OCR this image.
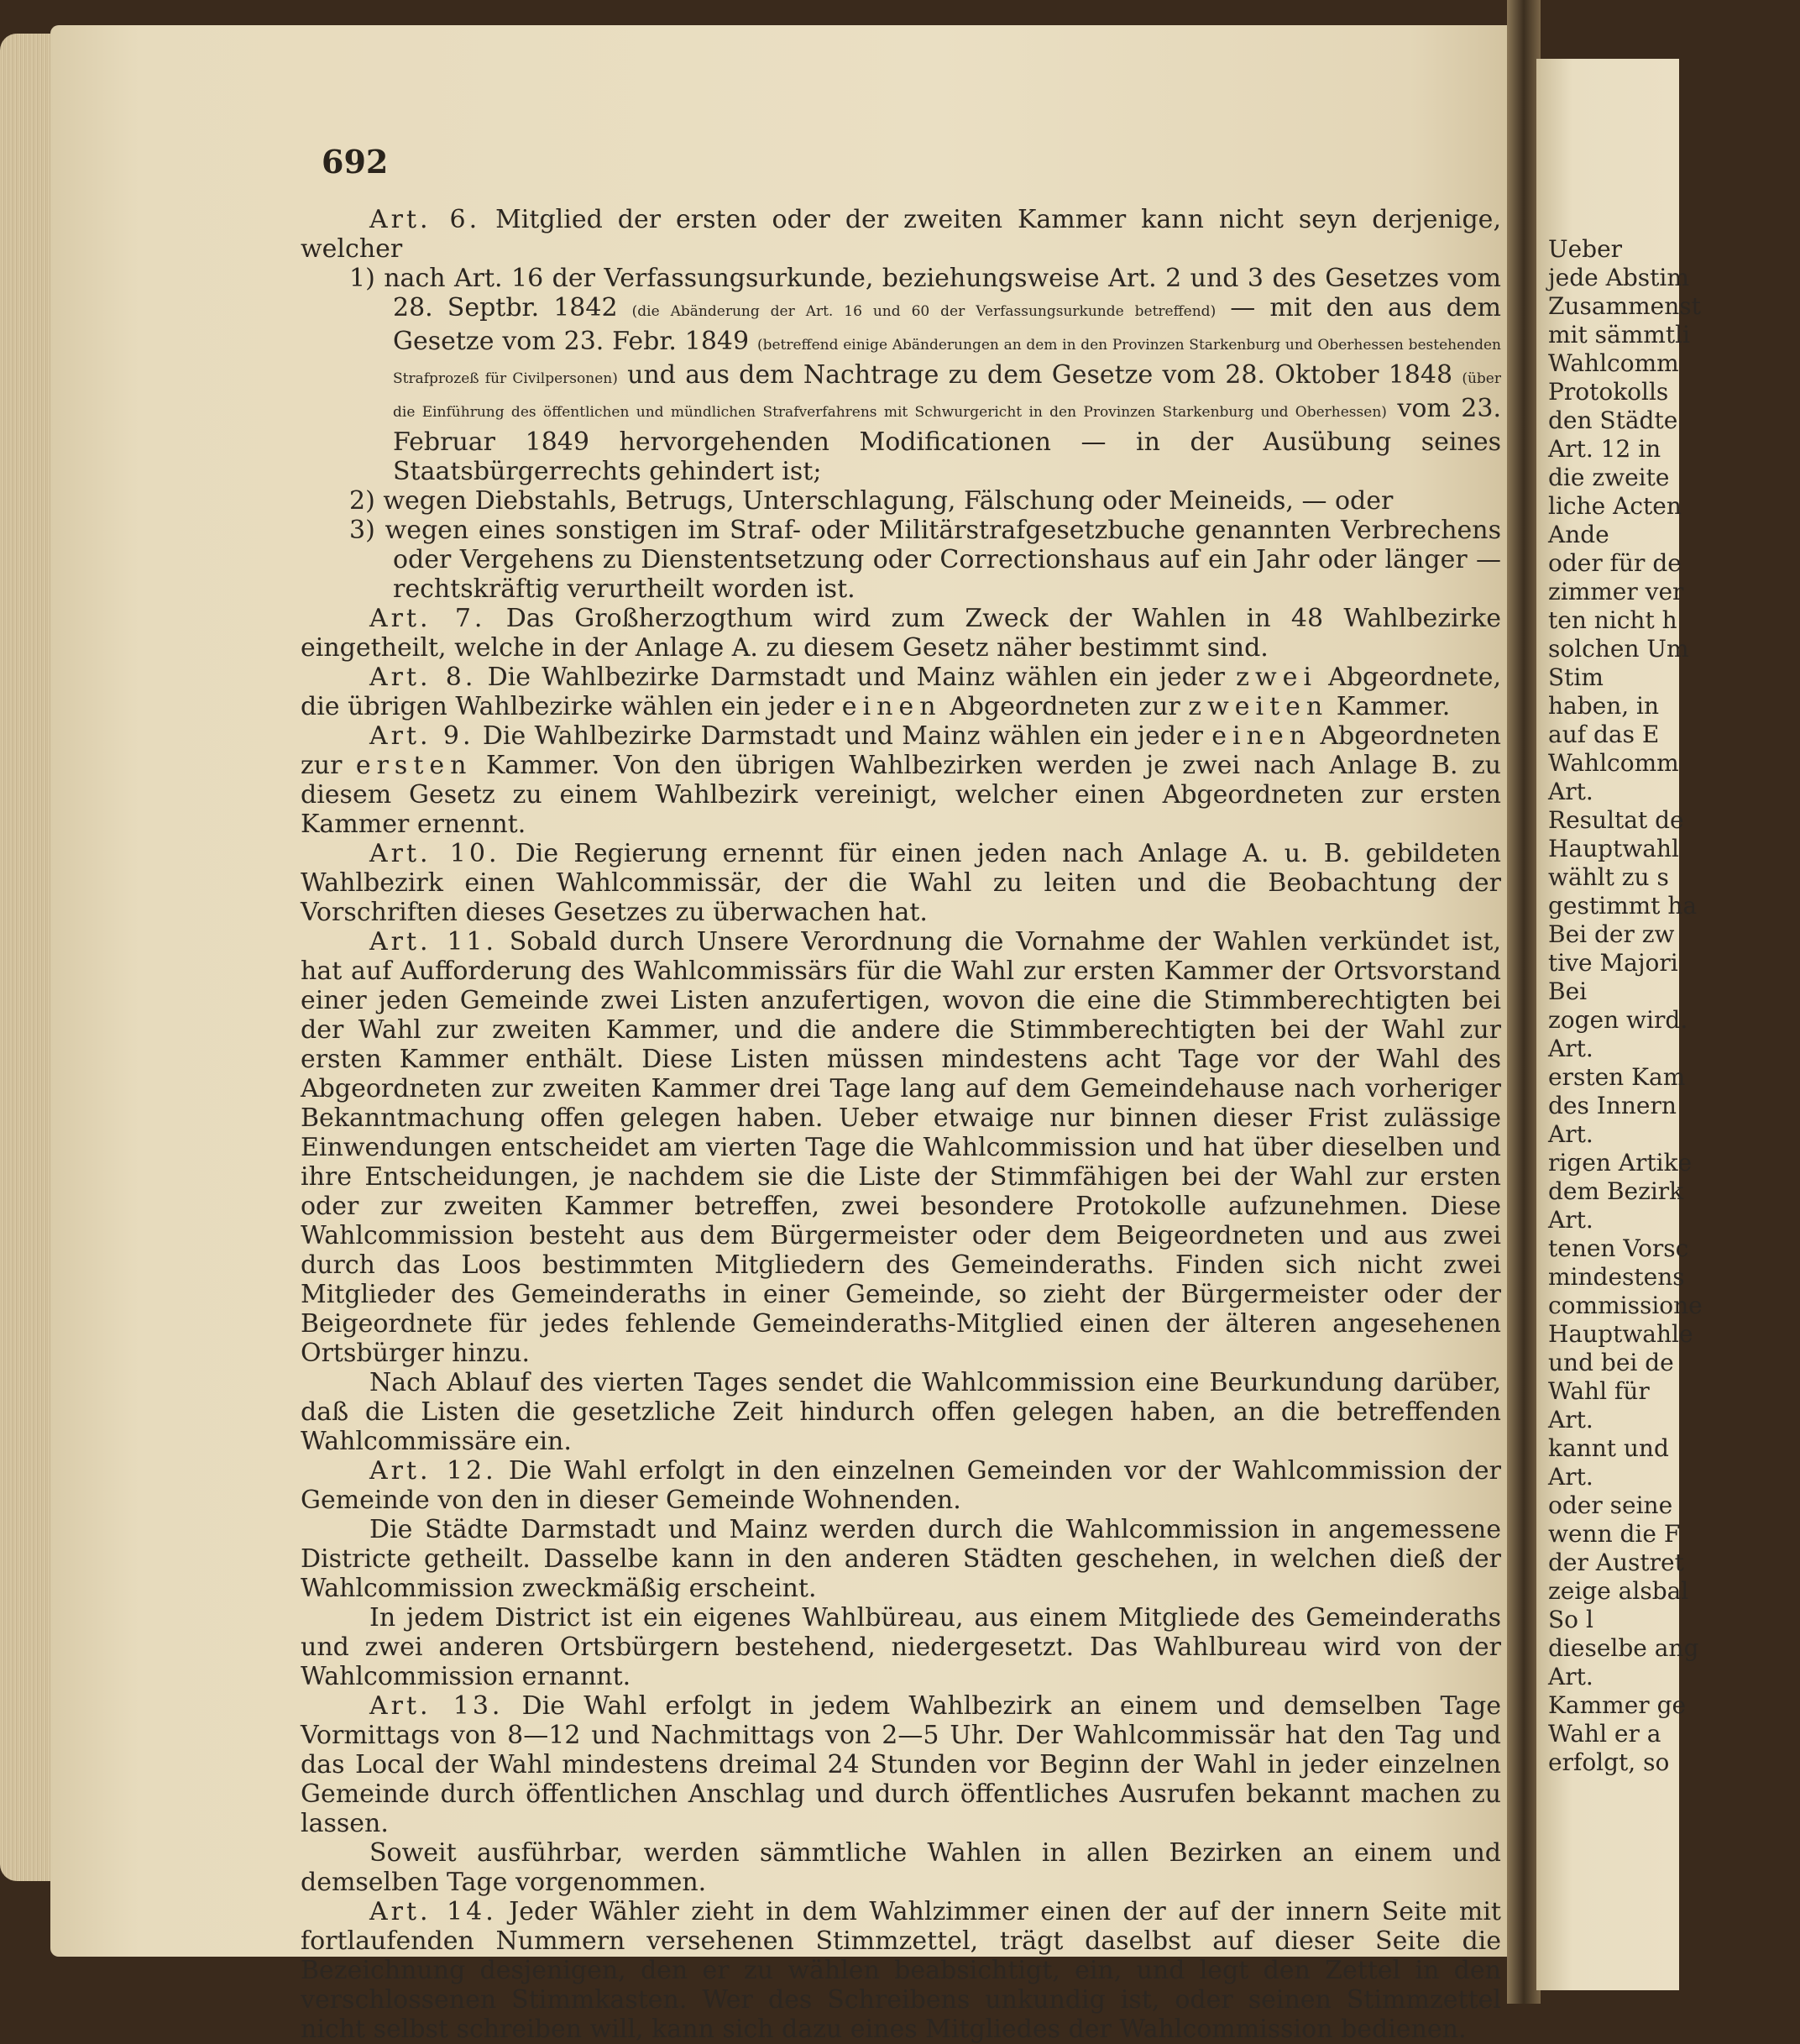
Ueber
jede Abstim
Zusammenst
mit sämmtli
Wahlcomm
Protokolls
den Städte
Art. 12 in
die zweite
liche Acten
Ande
oder für de
zimmer ver
ten nicht h
solchen Um
Stim
haben, in
auf das E
Wahlcomm
Art.
Resultat de
Hauptwahl
wählt zu s
gestimmt ha
Bei der zw
tive Majori
Bei
zogen wird.
Art.
ersten Kam
des Innern
Art.
rigen Artike
dem Bezirk
Art.
tenen Vorsc
mindestens
commissione
Hauptwahle
und bei de
Wahl für
Art.
kannt und
Art.
oder seine
wenn die F
der Austret
zeige alsbal
So l
dieselbe ang
Art.
Kammer ge
Wahl er a
erfolgt, so
692

Art. 6. Mitglied der ersten oder der zweiten Kammer kann nicht seyn derjenige, welcher

1) nach Art. 16 der Verfassungsurkunde, beziehungsweise Art. 2 und 3 des Gesetzes vom 28. Septbr. 1842 (die Abänderung der Art. 16 und 60 der Verfassungsurkunde betreffend) — mit den aus dem Gesetze vom 23. Febr. 1849 (betreffend einige Abänderungen an dem in den Provinzen Starkenburg und Oberhessen bestehenden Strafprozeß für Civilpersonen) und aus dem Nachtrage zu dem Gesetze vom 28. Oktober 1848 (über die Einführung des öffentlichen und mündlichen Strafverfahrens mit Schwurgericht in den Provinzen Starkenburg und Oberhessen) vom 23. Februar 1849 hervorgehenden Modificationen — in der Ausübung seines Staatsbürgerrechts gehindert ist;

2) wegen Diebstahls, Betrugs, Unterschlagung, Fälschung oder Meineids, — oder

3) wegen eines sonstigen im Straf- oder Militärstrafgesetzbuche genannten Verbrechens oder Vergehens zu Dienstentsetzung oder Correctionshaus auf ein Jahr oder länger — rechtskräftig verurtheilt worden ist.

Art. 7. Das Großherzogthum wird zum Zweck der Wahlen in 48 Wahlbezirke eingetheilt, welche in der Anlage A. zu diesem Gesetz näher bestimmt sind.

Art. 8. Die Wahlbezirke Darmstadt und Mainz wählen ein jeder zwei Abgeordnete, die übrigen Wahlbezirke wählen ein jeder einen Abgeordneten zur zweiten Kammer.

Art. 9. Die Wahlbezirke Darmstadt und Mainz wählen ein jeder einen Abgeordneten zur ersten Kammer. Von den übrigen Wahlbezirken werden je zwei nach Anlage B. zu diesem Gesetz zu einem Wahlbezirk vereinigt, welcher einen Abgeordneten zur ersten Kammer ernennt.

Art. 10. Die Regierung ernennt für einen jeden nach Anlage A. u. B. gebildeten Wahlbezirk einen Wahlcommissär, der die Wahl zu leiten und die Beobachtung der Vorschriften dieses Gesetzes zu überwachen hat.

Art. 11. Sobald durch Unsere Verordnung die Vornahme der Wahlen verkündet ist, hat auf Aufforderung des Wahlcommissärs für die Wahl zur ersten Kammer der Ortsvorstand einer jeden Gemeinde zwei Listen anzufertigen, wovon die eine die Stimmberechtigten bei der Wahl zur zweiten Kammer, und die andere die Stimmberechtigten bei der Wahl zur ersten Kammer enthält. Diese Listen müssen mindestens acht Tage vor der Wahl des Abgeordneten zur zweiten Kammer drei Tage lang auf dem Gemeindehause nach vorheriger Bekanntmachung offen gelegen haben. Ueber etwaige nur binnen dieser Frist zulässige Einwendungen entscheidet am vierten Tage die Wahlcommission und hat über dieselben und ihre Entscheidungen, je nachdem sie die Liste der Stimmfähigen bei der Wahl zur ersten oder zur zweiten Kammer betreffen, zwei besondere Protokolle aufzunehmen. Diese Wahlcommission besteht aus dem Bürgermeister oder dem Beigeordneten und aus zwei durch das Loos bestimmten Mitgliedern des Gemeinderaths. Finden sich nicht zwei Mitglieder des Gemeinderaths in einer Gemeinde, so zieht der Bürgermeister oder der Beigeordnete für jedes fehlende Gemeinderaths-Mitglied einen der älteren angesehenen Ortsbürger hinzu.

Nach Ablauf des vierten Tages sendet die Wahlcommission eine Beurkundung darüber, daß die Listen die gesetzliche Zeit hindurch offen gelegen haben, an die betreffenden Wahlcommissäre ein.

Art. 12. Die Wahl erfolgt in den einzelnen Gemeinden vor der Wahlcommission der Gemeinde von den in dieser Gemeinde Wohnenden.

Die Städte Darmstadt und Mainz werden durch die Wahlcommission in angemessene Districte getheilt. Dasselbe kann in den anderen Städten geschehen, in welchen dieß der Wahlcommission zweckmäßig erscheint.

In jedem District ist ein eigenes Wahlbüreau, aus einem Mitgliede des Gemeinderaths und zwei anderen Ortsbürgern bestehend, niedergesetzt. Das Wahlbureau wird von der Wahlcommission ernannt.

Art. 13. Die Wahl erfolgt in jedem Wahlbezirk an einem und demselben Tage Vormittags von 8—12 und Nachmittags von 2—5 Uhr. Der Wahlcommissär hat den Tag und das Local der Wahl mindestens dreimal 24 Stunden vor Beginn der Wahl in jeder einzelnen Gemeinde durch öffentlichen Anschlag und durch öffentliches Ausrufen bekannt machen zu lassen.

Soweit ausführbar, werden sämmtliche Wahlen in allen Bezirken an einem und demselben Tage vorgenommen.

Art. 14. Jeder Wähler zieht in dem Wahlzimmer einen der auf der innern Seite mit fortlaufenden Nummern versehenen Stimmzettel, trägt daselbst auf dieser Seite die Bezeichnung desjenigen, den er zu wählen beabsichtigt, ein, und legt den Zettel in den verschlossenen Stimmkasten. Wer des Schreibens unkundig ist, oder seinen Stimmzettel nicht selbst schreiben will, kann sich dazu eines Mitgliedes der Wahlcommission bedienen.
